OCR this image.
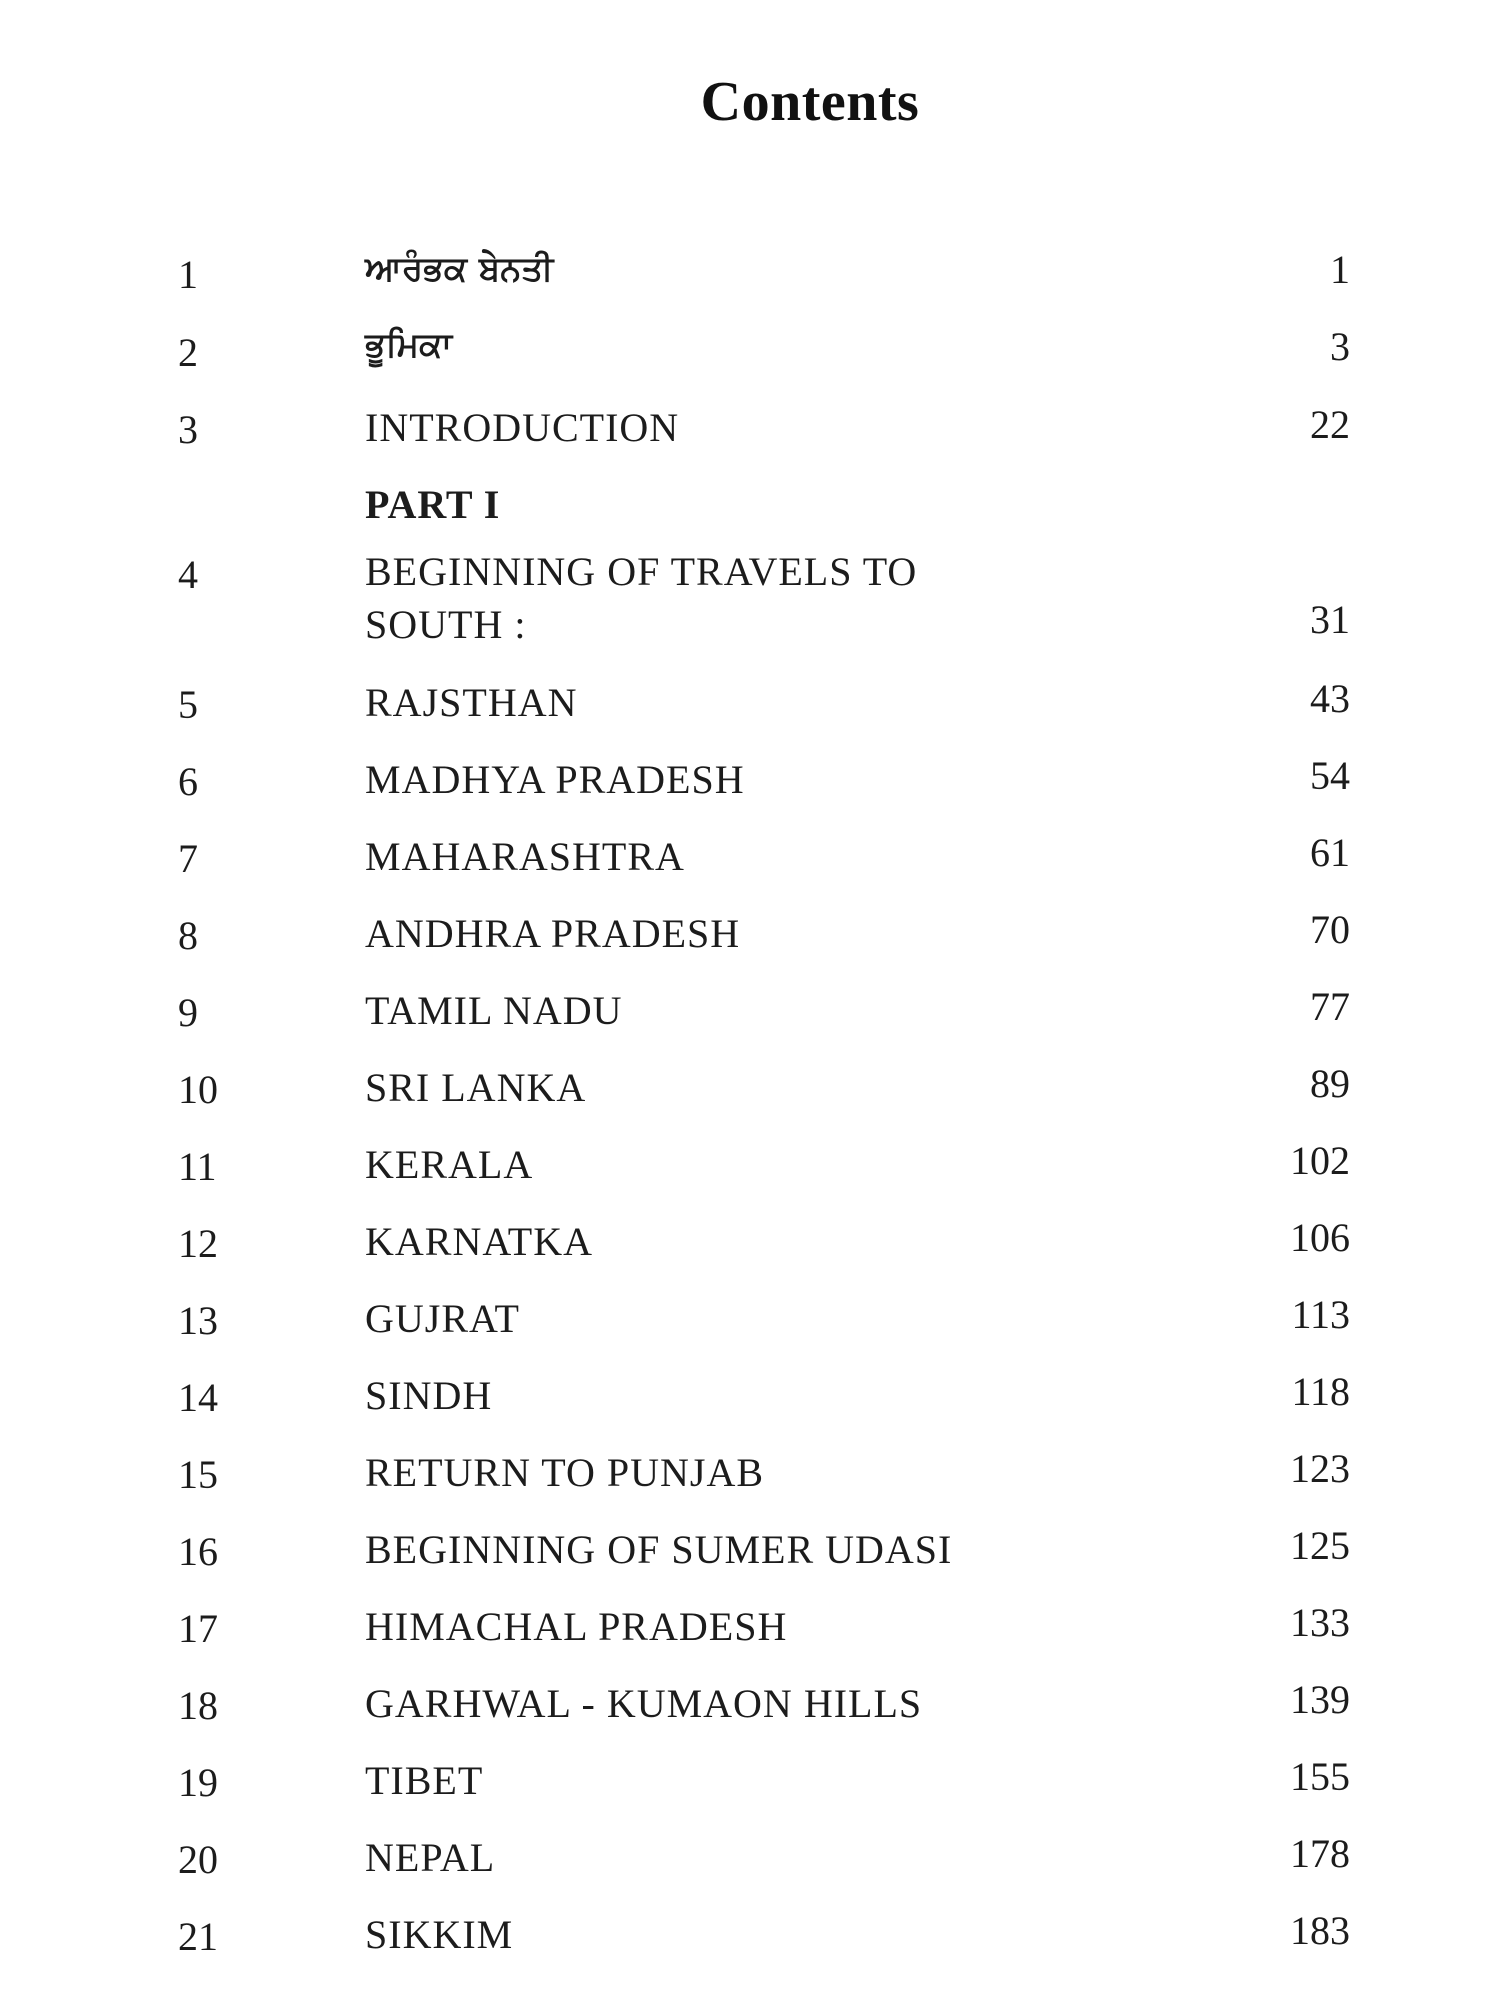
Contents
1	ਆਰੰਭਕ ਬੇਨਤੀ	1
2	ਭੂਮਿਕਾ	3
3	INTRODUCTION	22
PART I
4	BEGINNING OF TRAVELS TO
SOUTH :	31
5	RAJSTHAN	43
6	MADHYA PRADESH	54
7	MAHARASHTRA	61
8	ANDHRA PRADESH	70
9	TAMIL NADU	77
10	SRI LANKA	89
11	KERALA	102
12	KARNATKA	106
13	GUJRAT	113
14	SINDH	118
15	RETURN TO PUNJAB	123
16	BEGINNING OF SUMER UDASI	125
17	HIMACHAL PRADESH	133
18	GARHWAL - KUMAON HILLS	139
19	TIBET	155
20	NEPAL	178
21	SIKKIM	183
